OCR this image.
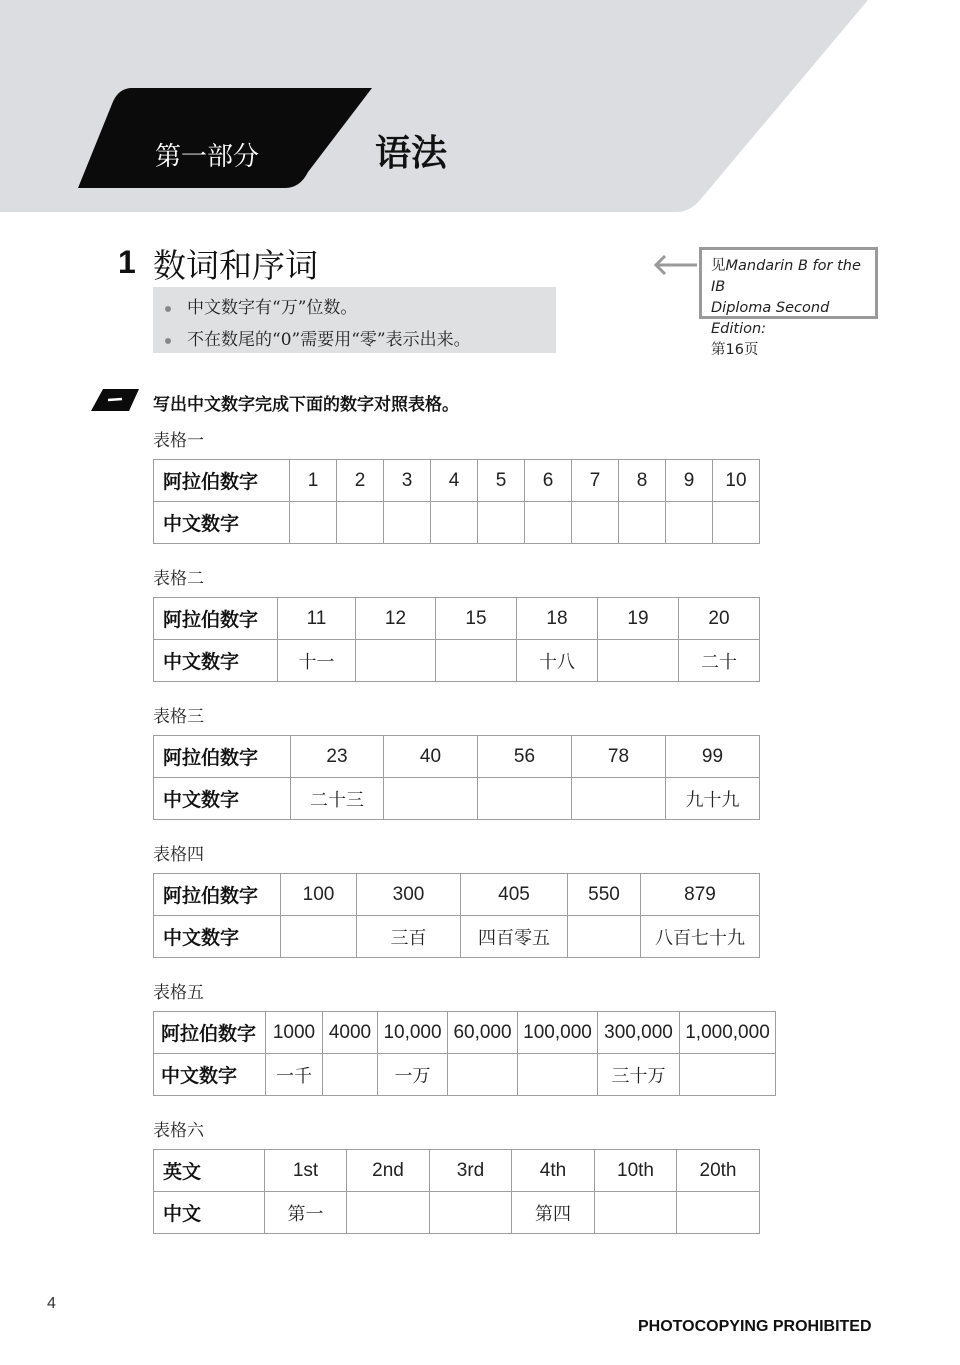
第一部分	语法
1 数词和序词
中文数字有“万”位数。
不在数尾的“0”需要用“零”表示出来。
见Mandarin B for the IB
Diploma Second Edition:
第16页
写出中文数字完成下面的数字对照表格。
表格一
阿拉伯数字	1	2	3	4	5	6	7	8	9	10
中文数字										
表格二
阿拉伯数字	11	12	15	18	19	20
中文数字	十一			十八		二十
表格三
阿拉伯数字	23	40	56	78	99
中文数字	二十三				九十九
表格四
阿拉伯数字	100	300	405	550	879
中文数字		三百	四百零五		八百七十九
表格五
阿拉伯数字	1000	4000	10,000	60,000	100,000	300,000	1,000,000
中文数字	一千		一万			三十万	
表格六
英文	1st	2nd	3rd	4th	10th	20th
中文	第一			第四		
4
PHOTOCOPYING PROHIBITED
